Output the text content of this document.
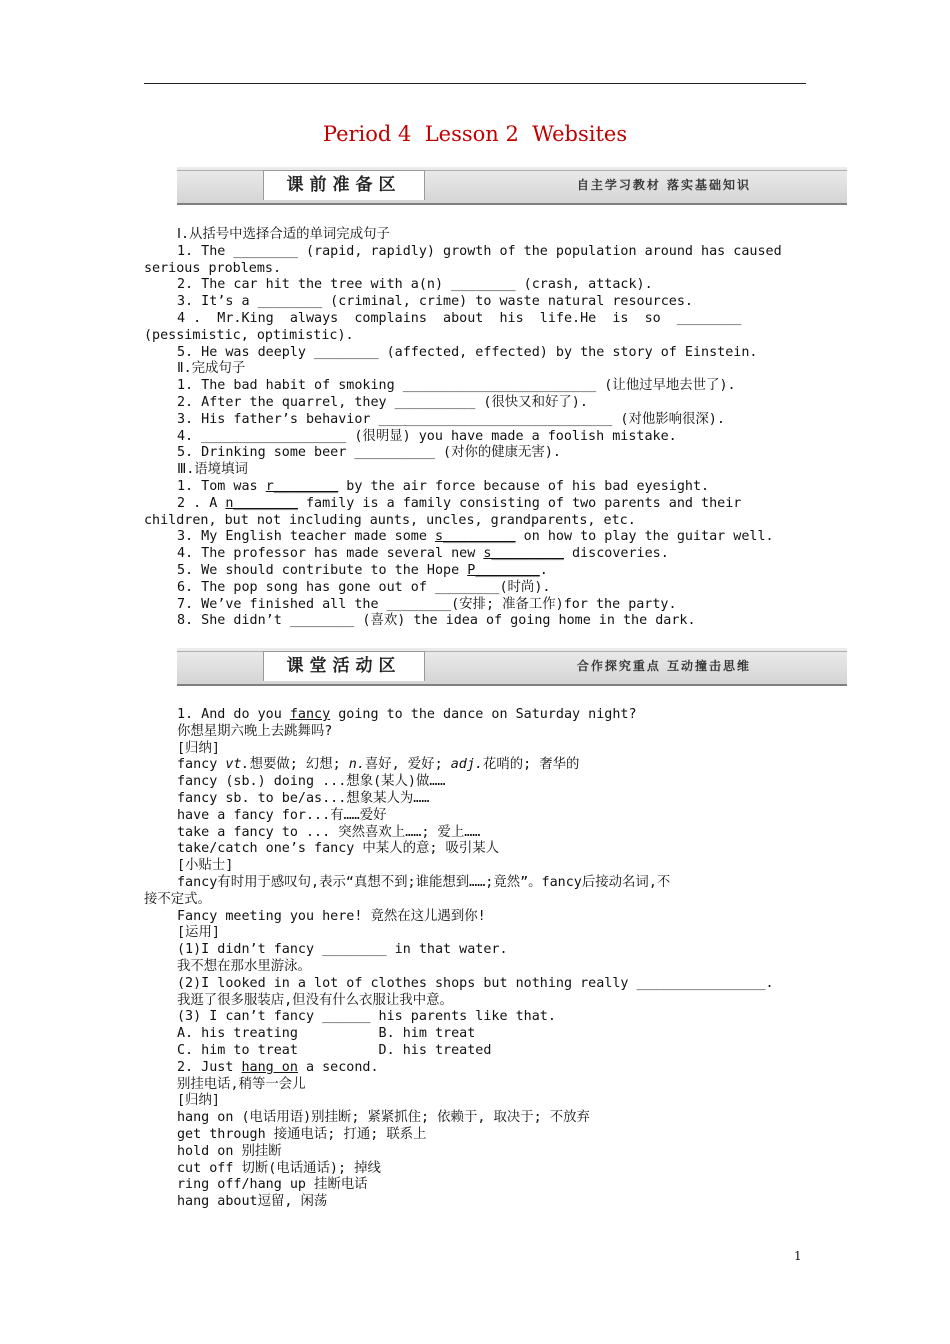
Period 4  Lesson 2  Websites
课前准备区	自主学习教材 落实基础知识
Ⅰ.从括号中选择合适的单词完成句子
1. The ________ (rapid, rapidly) growth of the population around has caused
serious problems.
2. The car hit the tree with a(n) ________ (crash, attack).
3. It’s a ________ (criminal, crime) to waste natural resources.
4 .  Mr.King  always  complains  about  his  life.He  is  so  ________
(pessimistic, optimistic).
5. He was deeply ________ (affected, effected) by the story of Einstein.
Ⅱ.完成句子
1. The bad habit of smoking ________________________ (让他过早地去世了).
2. After the quarrel, they __________ (很快又和好了).
3. His father’s behavior _____________________________ (对他影响很深).
4. __________________ (很明显) you have made a foolish mistake.
5. Drinking some beer __________ (对你的健康无害).
Ⅲ.语境填词
1. Tom was r________ by the air force because of his bad eyesight.
2 . A n________ family is a family consisting of two parents and their
children, but not including aunts, uncles, grandparents, etc.
3. My English teacher made some s_________ on how to play the guitar well.
4. The professor has made several new s_________ discoveries.
5. We should contribute to the Hope P________.
6. The pop song has gone out of ________(时尚).
7. We’ve finished all the ________(安排; 准备工作)for the party.
8. She didn’t ________ (喜欢) the idea of going home in the dark.
课堂活动区	合作探究重点 互动撞击思维
1. And do you fancy going to the dance on Saturday night?
你想星期六晚上去跳舞吗?
[归纳]
fancy vt.想要做; 幻想; n.喜好, 爱好; adj.花哨的; 奢华的
fancy (sb.) doing ...想象(某人)做……
fancy sb. to be/as...想象某人为……
have a fancy for...有……爱好
take a fancy to ... 突然喜欢上……; 爱上……
take/catch one’s fancy 中某人的意; 吸引某人
[小贴士]
fancy有时用于感叹句,表示“真想不到;谁能想到……;竟然”。fancy后接动名词,不
接不定式。
Fancy meeting you here! 竟然在这儿遇到你!
[运用]
(1)I didn’t fancy ________ in that water.
我不想在那水里游泳。
(2)I looked in a lot of clothes shops but nothing really ________________.
我逛了很多服装店,但没有什么衣服让我中意。
(3) I can’t fancy ______ his parents like that.
A. his treating          B. him treat
C. him to treat          D. his treated
2. Just hang on a second.
别挂电话,稍等一会儿
[归纳]
hang on (电话用语)别挂断; 紧紧抓住; 依赖于, 取决于; 不放弃
get through 接通电话; 打通; 联系上
hold on 别挂断
cut off 切断(电话通话); 掉线
ring off/hang up 挂断电话
hang about逗留, 闲荡
1
